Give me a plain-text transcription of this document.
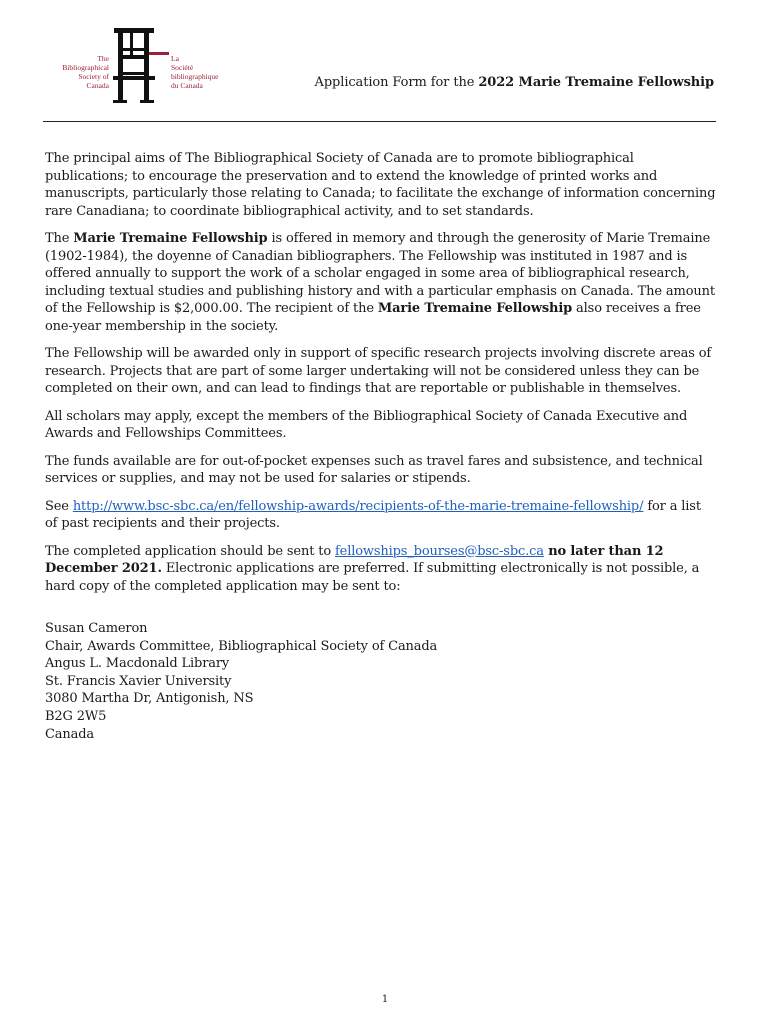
The
Bibliographical
Society of
Canada
La
Société
bibliographique
du Canada	Application Form for the 2022 Marie Tremaine Fellowship

The principal aims of The Bibliographical Society of Canada are to promote bibliographical publications; to encourage the preservation and to extend the knowledge of printed works and manuscripts, particularly those relating to Canada; to facilitate the exchange of information concerning rare Canadiana; to coordinate bibliographical activity, and to set standards.

The Marie Tremaine Fellowship is offered in memory and through the generosity of Marie Tremaine (1902-1984), the doyenne of Canadian bibliographers. The Fellowship was instituted in 1987 and is offered annually to support the work of a scholar engaged in some area of bibliographical research, including textual studies and publishing history and with a particular emphasis on Canada. The amount of the Fellowship is $2,000.00. The recipient of the Marie Tremaine Fellowship also receives a free one-year membership in the society.

The Fellowship will be awarded only in support of specific research projects involving discrete areas of research. Projects that are part of some larger undertaking will not be considered unless they can be completed on their own, and can lead to findings that are reportable or publishable in themselves.

All scholars may apply, except the members of the Bibliographical Society of Canada Executive and Awards and Fellowships Committees.

The funds available are for out-of-pocket expenses such as travel fares and subsistence, and technical services or supplies, and may not be used for salaries or stipends.

See http://www.bsc-sbc.ca/en/fellowship-awards/recipients-of-the-marie-tremaine-fellowship/ for a list of past recipients and their projects.

The completed application should be sent to fellowships_bourses@bsc-sbc.ca no later than 12 December 2021. Electronic applications are preferred. If submitting electronically is not possible, a hard copy of the completed application may be sent to:

Susan Cameron
Chair, Awards Committee, Bibliographical Society of Canada
Angus L. Macdonald Library
St. Francis Xavier University
3080 Martha Dr, Antigonish, NS
B2G 2W5
Canada
1
